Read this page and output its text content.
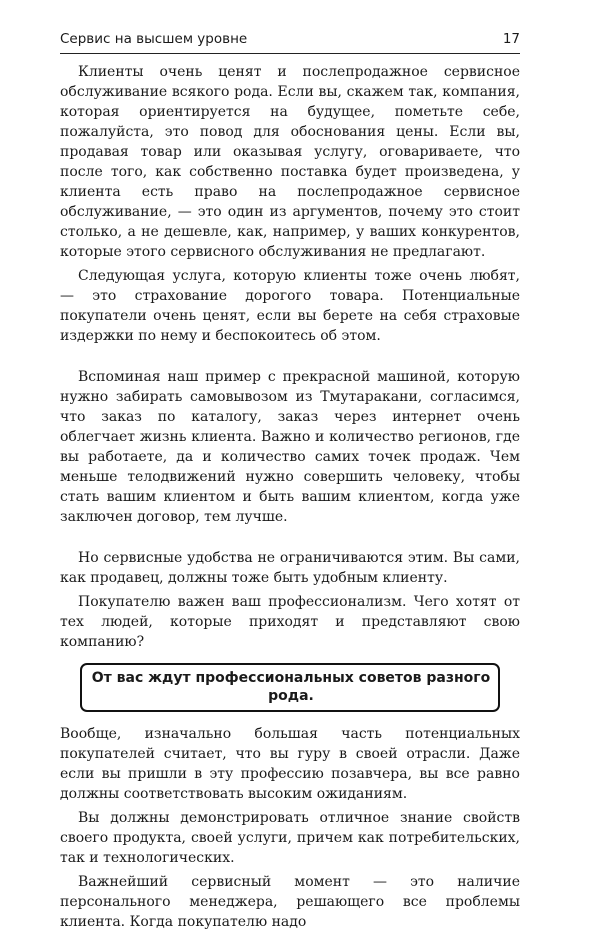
Сервис на высшем уровне	17

Клиенты очень ценят и послепродажное сервисное обслуживание всякого рода. Если вы, скажем так, компания, которая ориентируется на будущее, пометьте себе, пожалуйста, это повод для обоснования цены. Если вы, продавая товар или оказывая услугу, оговариваете, что после того, как собственно поставка будет произведена, у клиента есть право на послепродажное сервисное обслуживание, — это один из аргументов, почему это стоит столько, а не дешевле, как, например, у ваших конкурентов, которые этого сервисного обслуживания не предлагают.

Следующая услуга, которую клиенты тоже очень любят, — это страхование дорогого товара. Потенциальные покупатели очень ценят, если вы берете на себя страховые издержки по нему и беспокоитесь об этом.

Вспоминая наш пример с прекрасной машиной, которую нужно забирать самовывозом из Тмутаракани, согласимся, что заказ по каталогу, заказ через интернет очень облегчает жизнь клиента. Важно и количество регионов, где вы работаете, да и количество самих точек продаж. Чем меньше телодвижений нужно совершить человеку, чтобы стать вашим клиентом и быть вашим клиентом, когда уже заключен договор, тем лучше.

Но сервисные удобства не ограничиваются этим. Вы сами, как продавец, должны тоже быть удобным клиенту.

Покупателю важен ваш профессионализм. Чего хотят от тех людей, которые приходят и представляют свою компанию?

От вас ждут профессиональных советов разного рода.

Вообще, изначально большая часть потенциальных покупателей считает, что вы гуру в своей отрасли. Даже если вы пришли в эту профессию позавчера, вы все равно должны соответствовать высоким ожиданиям.

Вы должны демонстрировать отличное знание свойств своего продукта, своей услуги, причем как потребительских, так и технологических.

Важнейший сервисный момент — это наличие персонального менеджера, решающего все проблемы клиента. Когда покупателю надо
